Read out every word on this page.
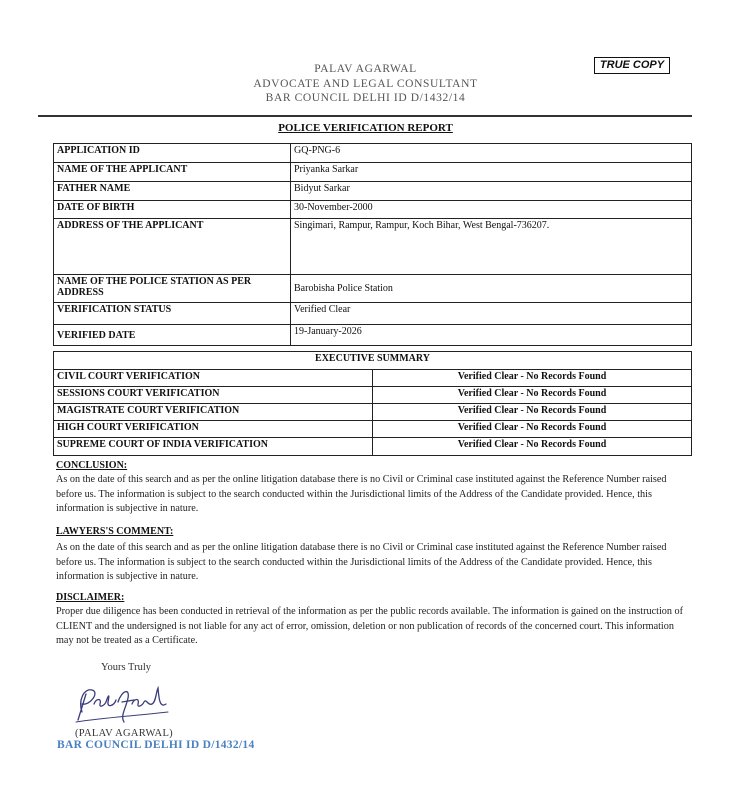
PALAV AGARWAL
ADVOCATE AND LEGAL CONSULTANT
BAR COUNCIL DELHI ID D/1432/14
TRUE COPY
POLICE VERIFICATION REPORT
APPLICATION ID	GQ-PNG-6
NAME OF THE APPLICANT	Priyanka Sarkar
FATHER NAME	Bidyut Sarkar
DATE OF BIRTH	30-November-2000
ADDRESS OF THE APPLICANT	Singimari, Rampur, Rampur, Koch Bihar, West Bengal-736207.
NAME OF THE POLICE STATION AS PER ADDRESS	Barobisha Police Station
VERIFICATION STATUS	Verified Clear
VERIFIED DATE	19-January-2026
EXECUTIVE SUMMARY	
CIVIL COURT VERIFICATION	Verified Clear - No Records Found
SESSIONS COURT VERIFICATION	Verified Clear - No Records Found
MAGISTRATE COURT VERIFICATION	Verified Clear - No Records Found
HIGH COURT VERIFICATION	Verified Clear - No Records Found
SUPREME COURT OF INDIA VERIFICATION	Verified Clear - No Records Found
CONCLUSION:
As on the date of this search and as per the online litigation database there is no Civil or Criminal case instituted against the Reference Number raised before us. The information is subject to the search conducted within the Jurisdictional limits of the Address of the Candidate provided. Hence, this information is subjective in nature.
LAWYERS'S COMMENT:
As on the date of this search and as per the online litigation database there is no Civil or Criminal case instituted against the Reference Number raised before us. The information is subject to the search conducted within the Jurisdictional limits of the Address of the Candidate provided. Hence, this information is subjective in nature.
DISCLAIMER:
Proper due diligence has been conducted in retrieval of the information as per the public records available. The information is gained on the instruction of CLIENT and the undersigned is not liable for any act of error, omission, deletion or non publication of records of the concerned court. This information may not be treated as a Certificate.
Yours Truly
(PALAV AGARWAL)
BAR COUNCIL DELHI ID D/1432/14
